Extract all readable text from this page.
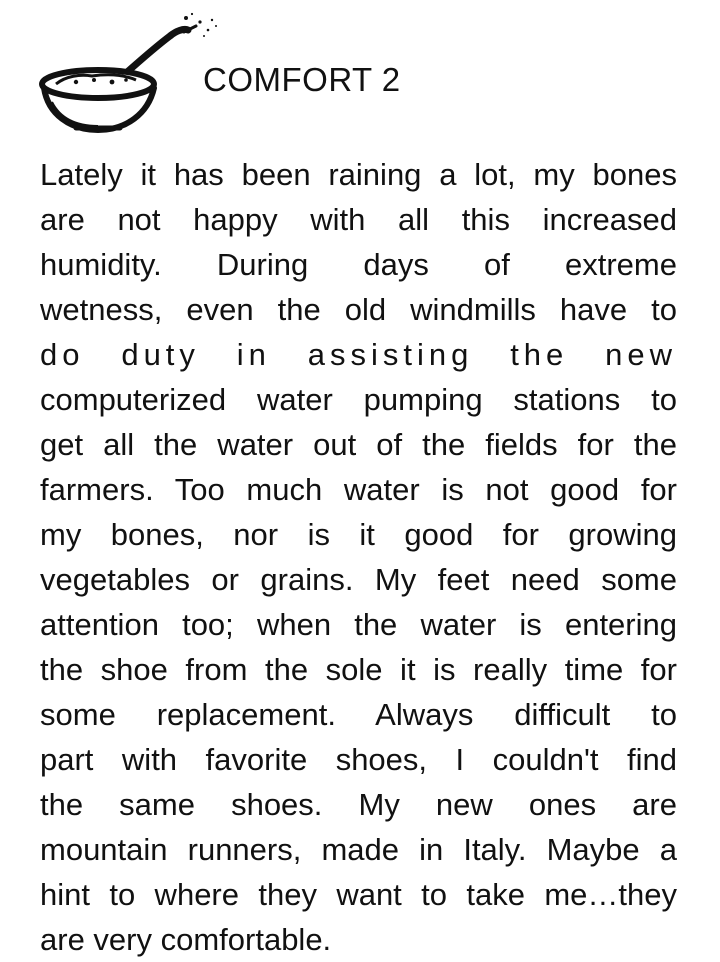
COMFORT 2
Lately it has been raining a lot, my bones
are not happy with all this increased
humidity. During days of extreme
wetness, even the old windmills have to
do duty in assisting the new
computerized water pumping stations to
get all the water out of the fields for the
farmers. Too much water is not good for
my bones, nor is it good for growing
vegetables or grains. My feet need some
attention too; when the water is entering
the shoe from the sole it is really time for
some replacement. Always difficult to
part with favorite shoes, I couldn't find
the same shoes. My new ones are
mountain runners, made in Italy. Maybe a
hint to where they want to take me…they
are very comfortable.
